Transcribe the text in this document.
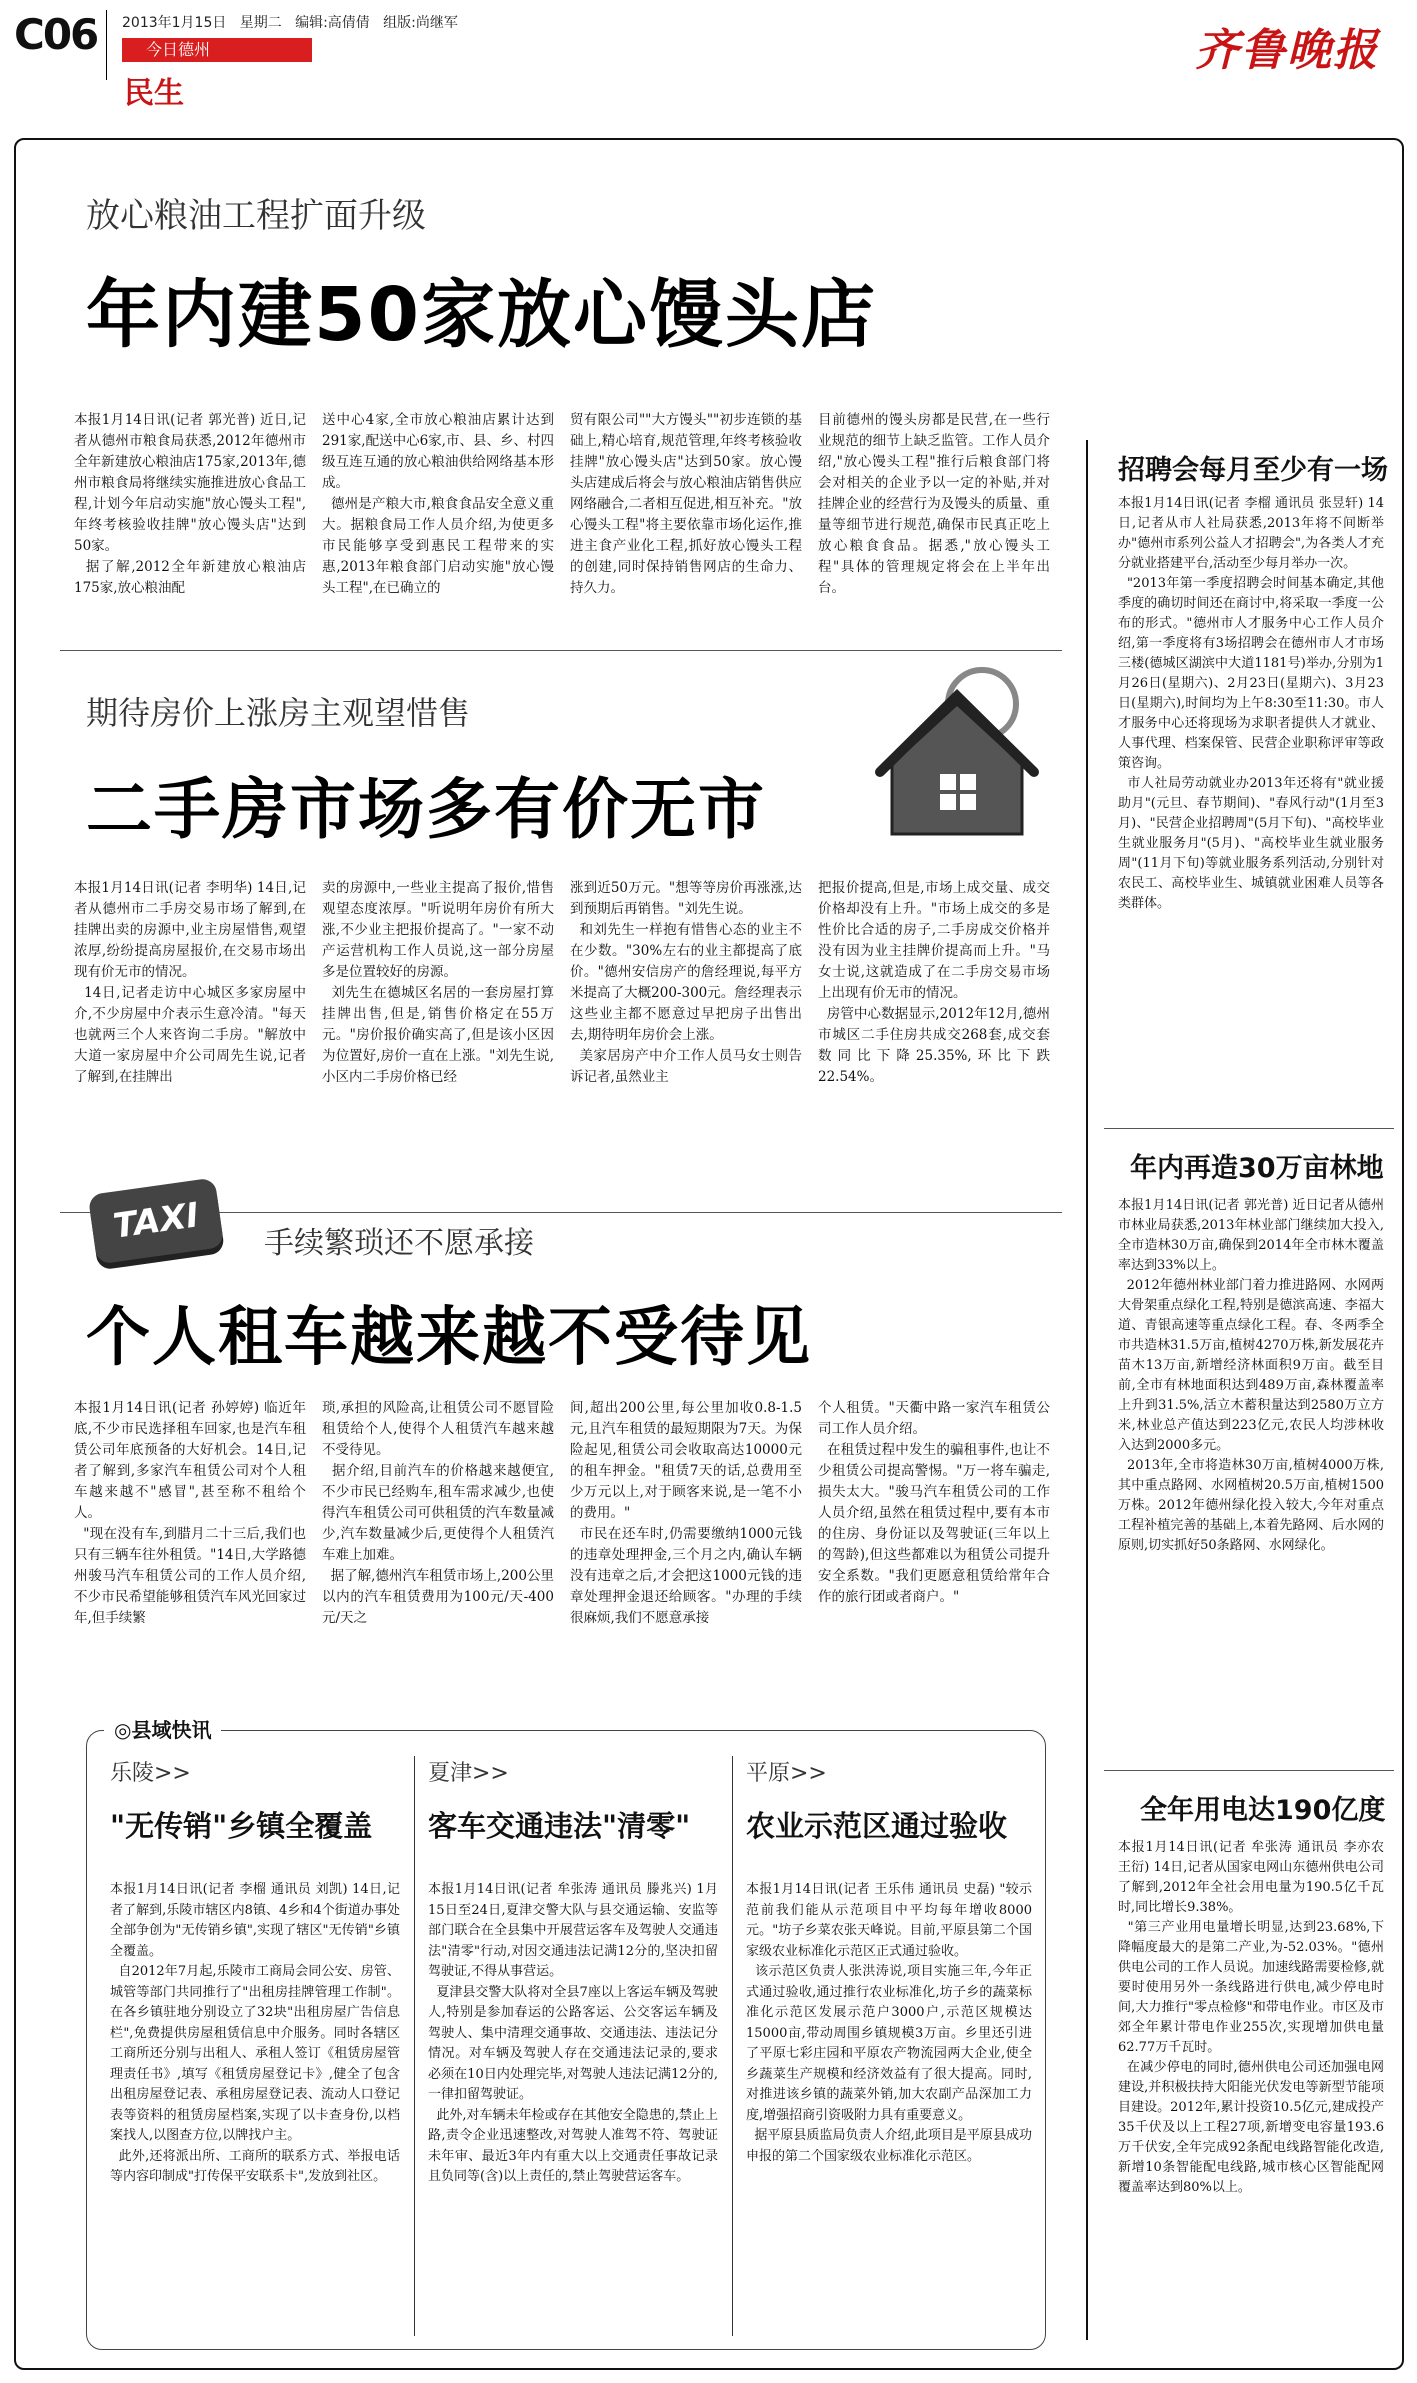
C06 2013年1月15日 星期二 编辑:高倩倩 组版:尚继军
今日德州
民生
齐鲁晚报
放心粮油工程扩面升级
年内建50家放心馒头店
本报1月14日讯(记者 郭光普) 近日,记者从德州市粮食局获悉,2012年德州市全年新建放心粮油店175家,2013年,德州市粮食局将继续实施推进放心食品工程,计划今年启动实施"放心馒头工程",年终考核验收挂牌"放心馒头店"达到50家。
据了解,2012全年新建放心粮油店175家,放心粮油配
送中心4家,全市放心粮油店累计达到291家,配送中心6家,市、县、乡、村四级互连互通的放心粮油供给网络基本形成。
德州是产粮大市,粮食食品安全意义重大。据粮食局工作人员介绍,为使更多市民能够享受到惠民工程带来的实惠,2013年粮食部门启动实施"放心馒头工程",在已确立的
贸有限公司""大方馒头""初步连锁的基础上,精心培育,规范管理,年终考核验收挂牌"放心馒头店"达到50家。放心馒头店建成后将会与放心粮油店销售供应网络融合,二者相互促进,相互补充。"放心馒头工程"将主要依靠市场化运作,推进主食产业化工程,抓好放心馒头工程的创建,同时保持销售网店的生命力、持久力。
目前德州的馒头房都是民营,在一些行业规范的细节上缺乏监管。工作人员介绍,"放心馒头工程"推行后粮食部门将会对相关的企业予以一定的补贴,并对挂牌企业的经营行为及馒头的质量、重量等细节进行规范,确保市民真正吃上放心粮食食品。据悉,"放心馒头工程"具体的管理规定将会在上半年出台。
期待房价上涨房主观望惜售
二手房市场多有价无市
本报1月14日讯(记者 李明华) 14日,记者从德州市二手房交易市场了解到,在挂牌出卖的房源中,业主房屋惜售,观望浓厚,纷纷提高房屋报价,在交易市场出现有价无市的情况。
14日,记者走访中心城区多家房屋中介,不少房屋中介表示生意冷清。"每天也就两三个人来咨询二手房。"解放中大道一家房屋中介公司周先生说,记者了解到,在挂牌出
卖的房源中,一些业主提高了报价,惜售观望态度浓厚。"听说明年房价有所大涨,不少业主把报价提高了。"一家不动产运营机构工作人员说,这一部分房屋多是位置较好的房源。
刘先生在德城区名居的一套房屋打算挂牌出售,但是,销售价格定在55万元。"房价报价确实高了,但是该小区因为位置好,房价一直在上涨。"刘先生说,小区内二手房价格已经
涨到近50万元。"想等等房价再涨涨,达到预期后再销售。"刘先生说。
和刘先生一样抱有惜售心态的业主不在少数。"30%左右的业主都提高了底价。"德州安信房产的詹经理说,每平方米提高了大概200-300元。詹经理表示这些业主都不愿意过早把房子出售出去,期待明年房价会上涨。
美家居房产中介工作人员马女士则告诉记者,虽然业主
把报价提高,但是,市场上成交量、成交价格却没有上升。"市场上成交的多是性价比合适的房子,二手房成交价格并没有因为业主挂牌价提高而上升。"马女士说,这就造成了在二手房交易市场上出现有价无市的情况。
房管中心数据显示,2012年12月,德州市城区二手住房共成交268套,成交套数同比下降25.35%,环比下跌22.54%。
TAXI	手续繁琐还不愿承接
个人租车越来越不受待见
本报1月14日讯(记者 孙婷婷) 临近年底,不少市民选择租车回家,也是汽车租赁公司年底预备的大好机会。14日,记者了解到,多家汽车租赁公司对个人租车越来越不"感冒",甚至称不租给个人。
"现在没有车,到腊月二十三后,我们也只有三辆车往外租赁。"14日,大学路德州骏马汽车租赁公司的工作人员介绍,不少市民希望能够租赁汽车风光回家过年,但手续繁
琐,承担的风险高,让租赁公司不愿冒险租赁给个人,使得个人租赁汽车越来越不受待见。
据介绍,目前汽车的价格越来越便宜,不少市民已经购车,租车需求减少,也使得汽车租赁公司可供租赁的汽车数量减少,汽车数量减少后,更使得个人租赁汽车难上加难。
据了解,德州汽车租赁市场上,200公里以内的汽车租赁费用为100元/天-400元/天之
间,超出200公里,每公里加收0.8-1.5元,且汽车租赁的最短期限为7天。为保险起见,租赁公司会收取高达10000元的租车押金。"租赁7天的话,总费用至少万元以上,对于顾客来说,是一笔不小的费用。"
市民在还车时,仍需要缴纳1000元钱的违章处理押金,三个月之内,确认车辆没有违章之后,才会把这1000元钱的违章处理押金退还给顾客。"办理的手续很麻烦,我们不愿意承接
个人租赁。"天衢中路一家汽车租赁公司工作人员介绍。
在租赁过程中发生的骗租事件,也让不少租赁公司提高警惕。"万一将车骗走,损失太大。"骏马汽车租赁公司的工作人员介绍,虽然在租赁过程中,要有本市的住房、身份证以及驾驶证(三年以上的驾龄),但这些都难以为租赁公司提升安全系数。"我们更愿意租赁给常年合作的旅行团或者商户。"
◎县域快讯
乐陵>>
"无传销"乡镇全覆盖
本报1月14日讯(记者 李榴 通讯员 刘凯) 14日,记者了解到,乐陵市辖区内8镇、4乡和4个街道办事处全部争创为"无传销乡镇",实现了辖区"无传销"乡镇全覆盖。
自2012年7月起,乐陵市工商局会同公安、房管、城管等部门共同推行了"出租房挂牌管理工作制"。在各乡镇驻地分别设立了32块"出租房屋广告信息栏",免费提供房屋租赁信息中介服务。同时各辖区工商所还分别与出租人、承租人签订《租赁房屋管理责任书》,填写《租赁房屋登记卡》,健全了包含出租房屋登记表、承租房屋登记表、流动人口登记表等资料的租赁房屋档案,实现了以卡查身份,以档案找人,以图查方位,以牌找户主。
此外,还将派出所、工商所的联系方式、举报电话等内容印制成"打传保平安联系卡",发放到社区。
夏津>>
客车交通违法"清零"
本报1月14日讯(记者 牟张涛 通讯员 滕兆兴) 1月15日至24日,夏津交警大队与县交通运输、安监等部门联合在全县集中开展营运客车及驾驶人交通违法"清零"行动,对因交通违法记满12分的,坚决扣留驾驶证,不得从事营运。
夏津县交警大队将对全县7座以上客运车辆及驾驶人,特别是参加春运的公路客运、公交客运车辆及驾驶人、集中清理交通事故、交通违法、违法记分情况。对车辆及驾驶人存在交通违法记录的,要求必须在10日内处理完毕,对驾驶人违法记满12分的,一律扣留驾驶证。
此外,对车辆未年检或存在其他安全隐患的,禁止上路,责令企业迅速整改,对驾驶人准驾不符、驾驶证未年审、最近3年内有重大以上交通责任事故记录且负同等(含)以上责任的,禁止驾驶营运客车。
平原>>
农业示范区通过验收
本报1月14日讯(记者 王乐伟 通讯员 史磊) "较示范前我们能从示范项目中平均每年增收8000元。"坊子乡菜农张天峰说。目前,平原县第二个国家级农业标准化示范区正式通过验收。
该示范区负责人张洪涛说,项目实施三年,今年正式通过验收,通过推行农业标准化,坊子乡的蔬菜标准化示范区发展示范户3000户,示范区规模达15000亩,带动周围乡镇规模3万亩。乡里还引进了平原七彩庄园和平原农产物流园两大企业,使全乡蔬菜生产规模和经济效益有了很大提高。同时,对推进该乡镇的蔬菜外销,加大农副产品深加工力度,增强招商引资吸附力具有重要意义。
据平原县质监局负责人介绍,此项目是平原县成功申报的第二个国家级农业标准化示范区。
招聘会每月至少有一场
本报1月14日讯(记者 李榴 通讯员 张昱轩) 14日,记者从市人社局获悉,2013年将不间断举办"德州市系列公益人才招聘会",为各类人才充分就业搭建平台,活动至少每月举办一次。
"2013年第一季度招聘会时间基本确定,其他季度的确切时间还在商讨中,将采取一季度一公布的形式。"德州市人才服务中心工作人员介绍,第一季度将有3场招聘会在德州市人才市场三楼(德城区湖滨中大道1181号)举办,分别为1月26日(星期六)、2月23日(星期六)、3月23日(星期六),时间均为上午8:30至11:30。市人才服务中心还将现场为求职者提供人才就业、人事代理、档案保管、民营企业职称评审等政策咨询。
市人社局劳动就业办2013年还将有"就业援助月"(元旦、春节期间)、"春风行动"(1月至3月)、"民营企业招聘周"(5月下旬)、"高校毕业生就业服务月"(5月)、"高校毕业生就业服务周"(11月下旬)等就业服务系列活动,分别针对农民工、高校毕业生、城镇就业困难人员等各类群体。
年内再造30万亩林地
本报1月14日讯(记者 郭光普) 近日记者从德州市林业局获悉,2013年林业部门继续加大投入,全市造林30万亩,确保到2014年全市林木覆盖率达到33%以上。
2012年德州林业部门着力推进路网、水网两大骨架重点绿化工程,特别是德滨高速、李福大道、青银高速等重点绿化工程。春、冬两季全市共造林31.5万亩,植树4270万株,新发展花卉苗木13万亩,新增经济林面积9万亩。截至目前,全市有林地面积达到489万亩,森林覆盖率上升到31.5%,活立木蓄积量达到2580万立方米,林业总产值达到223亿元,农民人均涉林收入达到2000多元。
2013年,全市将造林30万亩,植树4000万株,其中重点路网、水网植树20.5万亩,植树1500万株。2012年德州绿化投入较大,今年对重点工程补植完善的基础上,本着先路网、后水网的原则,切实抓好50条路网、水网绿化。
全年用电达190亿度
本报1月14日讯(记者 牟张涛 通讯员 李亦农 王衍) 14日,记者从国家电网山东德州供电公司了解到,2012年全社会用电量为190.5亿千瓦时,同比增长9.38%。
"第三产业用电量增长明显,达到23.68%,下降幅度最大的是第二产业,为-52.03%。"德州供电公司的工作人员说。加速线路需要检修,就要时使用另外一条线路进行供电,减少停电时间,大力推行"零点检修"和带电作业。市区及市郊全年累计带电作业255次,实现增加供电量62.77万千瓦时。
在减少停电的同时,德州供电公司还加强电网建设,并积极扶持大阳能光伏发电等新型节能项目建设。2012年,累计投资10.5亿元,建成投产35千伏及以上工程27项,新增变电容量193.6万千伏安,全年完成92条配电线路智能化改造,新增10条智能配电线路,城市核心区智能配网覆盖率达到80%以上。
